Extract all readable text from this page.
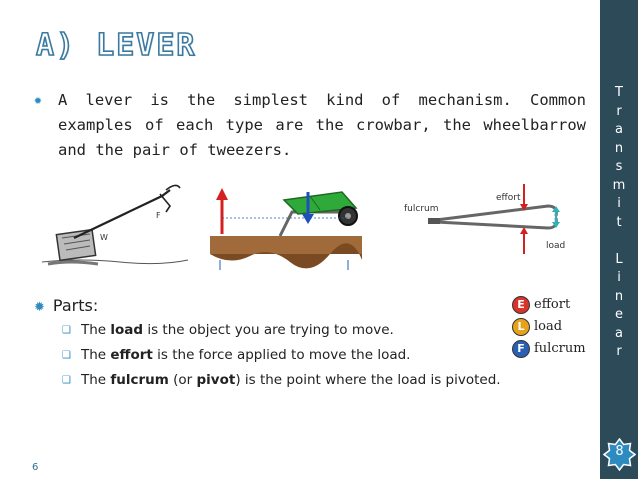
A) LEVER
✹	A lever is the simplest kind of mechanism. Common examples of each type are the crowbar, the wheelbarrow and the pair of tweezers.
F
W
fulcrum
effort
load
✹ Parts:
❑ The load is the object you are trying to move.
❑ The effort is the force applied to move the load.
❑ The fulcrum (or pivot) is the point where the load is pivoted.
E effort
L load
F fulcrum
6
T
r
a
n
s
m
i
t

L
i
n
e
a
r
8
